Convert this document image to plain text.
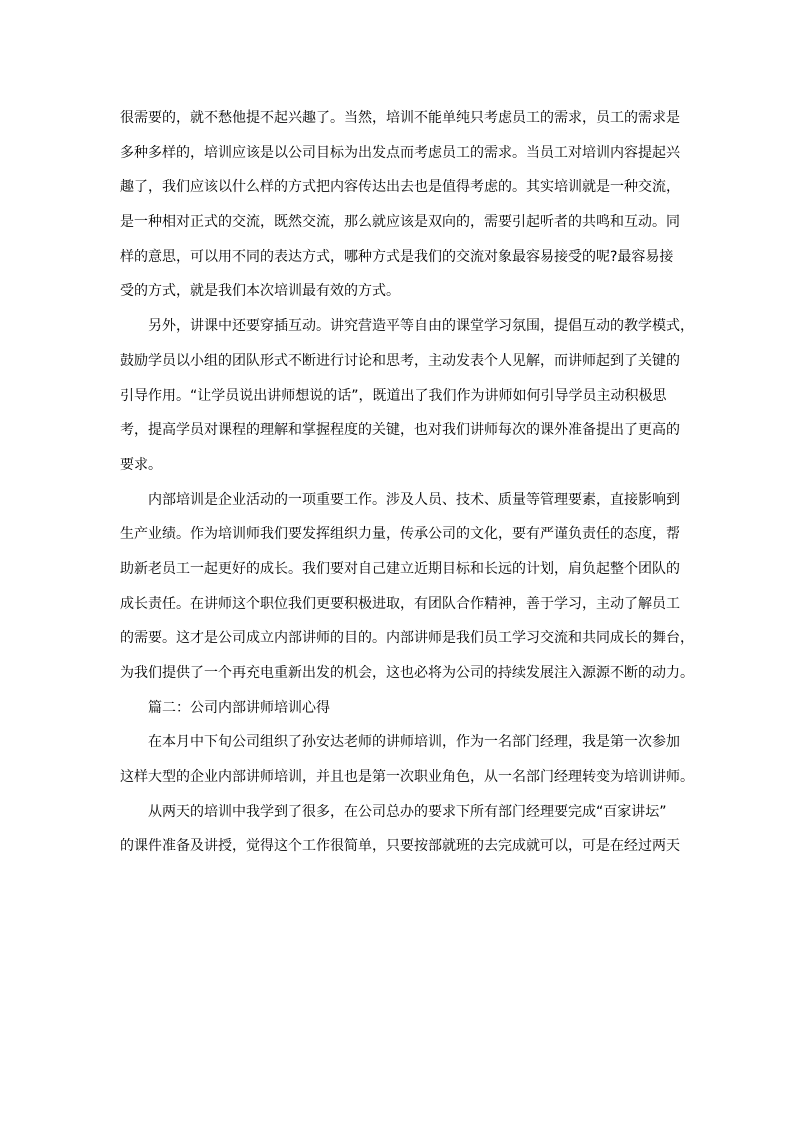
很需要的，就不愁他提不起兴趣了。当然，培训不能单纯只考虑员工的需求，员工的需求是
多种多样的，培训应该是以公司目标为出发点而考虑员工的需求。当员工对培训内容提起兴
趣了，我们应该以什么样的方式把内容传达出去也是值得考虑的。其实培训就是一种交流，
是一种相对正式的交流，既然交流，那么就应该是双向的，需要引起听者的共鸣和互动。同
样的意思，可以用不同的表达方式，哪种方式是我们的交流对象最容易接受的呢?最容易接
受的方式，就是我们本次培训最有效的方式。
另外，讲课中还要穿插互动。讲究营造平等自由的课堂学习氛围，提倡互动的教学模式，
鼓励学员以小组的团队形式不断进行讨论和思考，主动发表个人见解，而讲师起到了关键的
引导作用。“让学员说出讲师想说的话”，既道出了我们作为讲师如何引导学员主动积极思
考，提高学员对课程的理解和掌握程度的关键，也对我们讲师每次的课外准备提出了更高的
要求。
内部培训是企业活动的一项重要工作。涉及人员、技术、质量等管理要素，直接影响到
生产业绩。作为培训师我们要发挥组织力量，传承公司的文化，要有严谨负责任的态度，帮
助新老员工一起更好的成长。我们要对自己建立近期目标和长远的计划，肩负起整个团队的
成长责任。在讲师这个职位我们更要积极进取，有团队合作精神，善于学习，主动了解员工
的需要。这才是公司成立内部讲师的目的。内部讲师是我们员工学习交流和共同成长的舞台，
为我们提供了一个再充电重新出发的机会，这也必将为公司的持续发展注入源源不断的动力。
篇二：公司内部讲师培训心得
在本月中下旬公司组织了孙安达老师的讲师培训，作为一名部门经理，我是第一次参加
这样大型的企业内部讲师培训，并且也是第一次职业角色，从一名部门经理转变为培训讲师。
从两天的培训中我学到了很多，在公司总办的要求下所有部门经理要完成“百家讲坛”
的课件准备及讲授，觉得这个工作很简单，只要按部就班的去完成就可以，可是在经过两天
